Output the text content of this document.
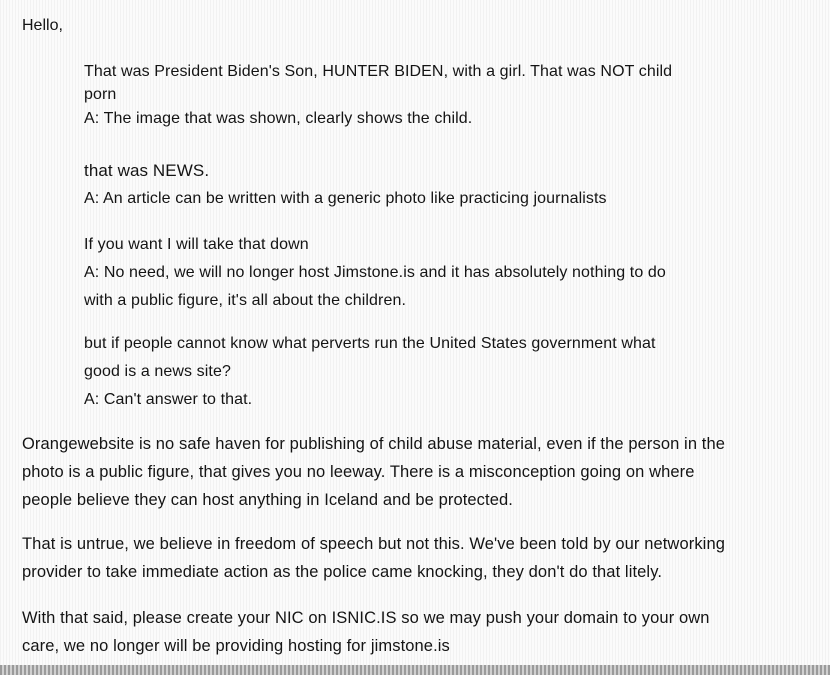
Hello,

That was President Biden's Son, HUNTER BIDEN, with a girl. That was NOT child

porn

A: The image that was shown, clearly shows the child.

that was NEWS.

A: An article can be written with a generic photo like practicing journalists

If you want I will take that down

A: No need, we will no longer host Jimstone.is and it has absolutely nothing to do

with a public figure, it's all about the children.

but if people cannot know what perverts run the United States government what

good is a news site?

A: Can't answer to that.

Orangewebsite is no safe haven for publishing of child abuse material, even if the person in the

photo is a public figure, that gives you no leeway. There is a misconception going on where

people believe they can host anything in Iceland and be protected.

That is untrue, we believe in freedom of speech but not this. We've been told by our networking

provider to take immediate action as the police came knocking, they don't do that litely.

With that said, please create your NIC on ISNIC.IS so we may push your domain to your own

care, we no longer will be providing hosting for jimstone.is
